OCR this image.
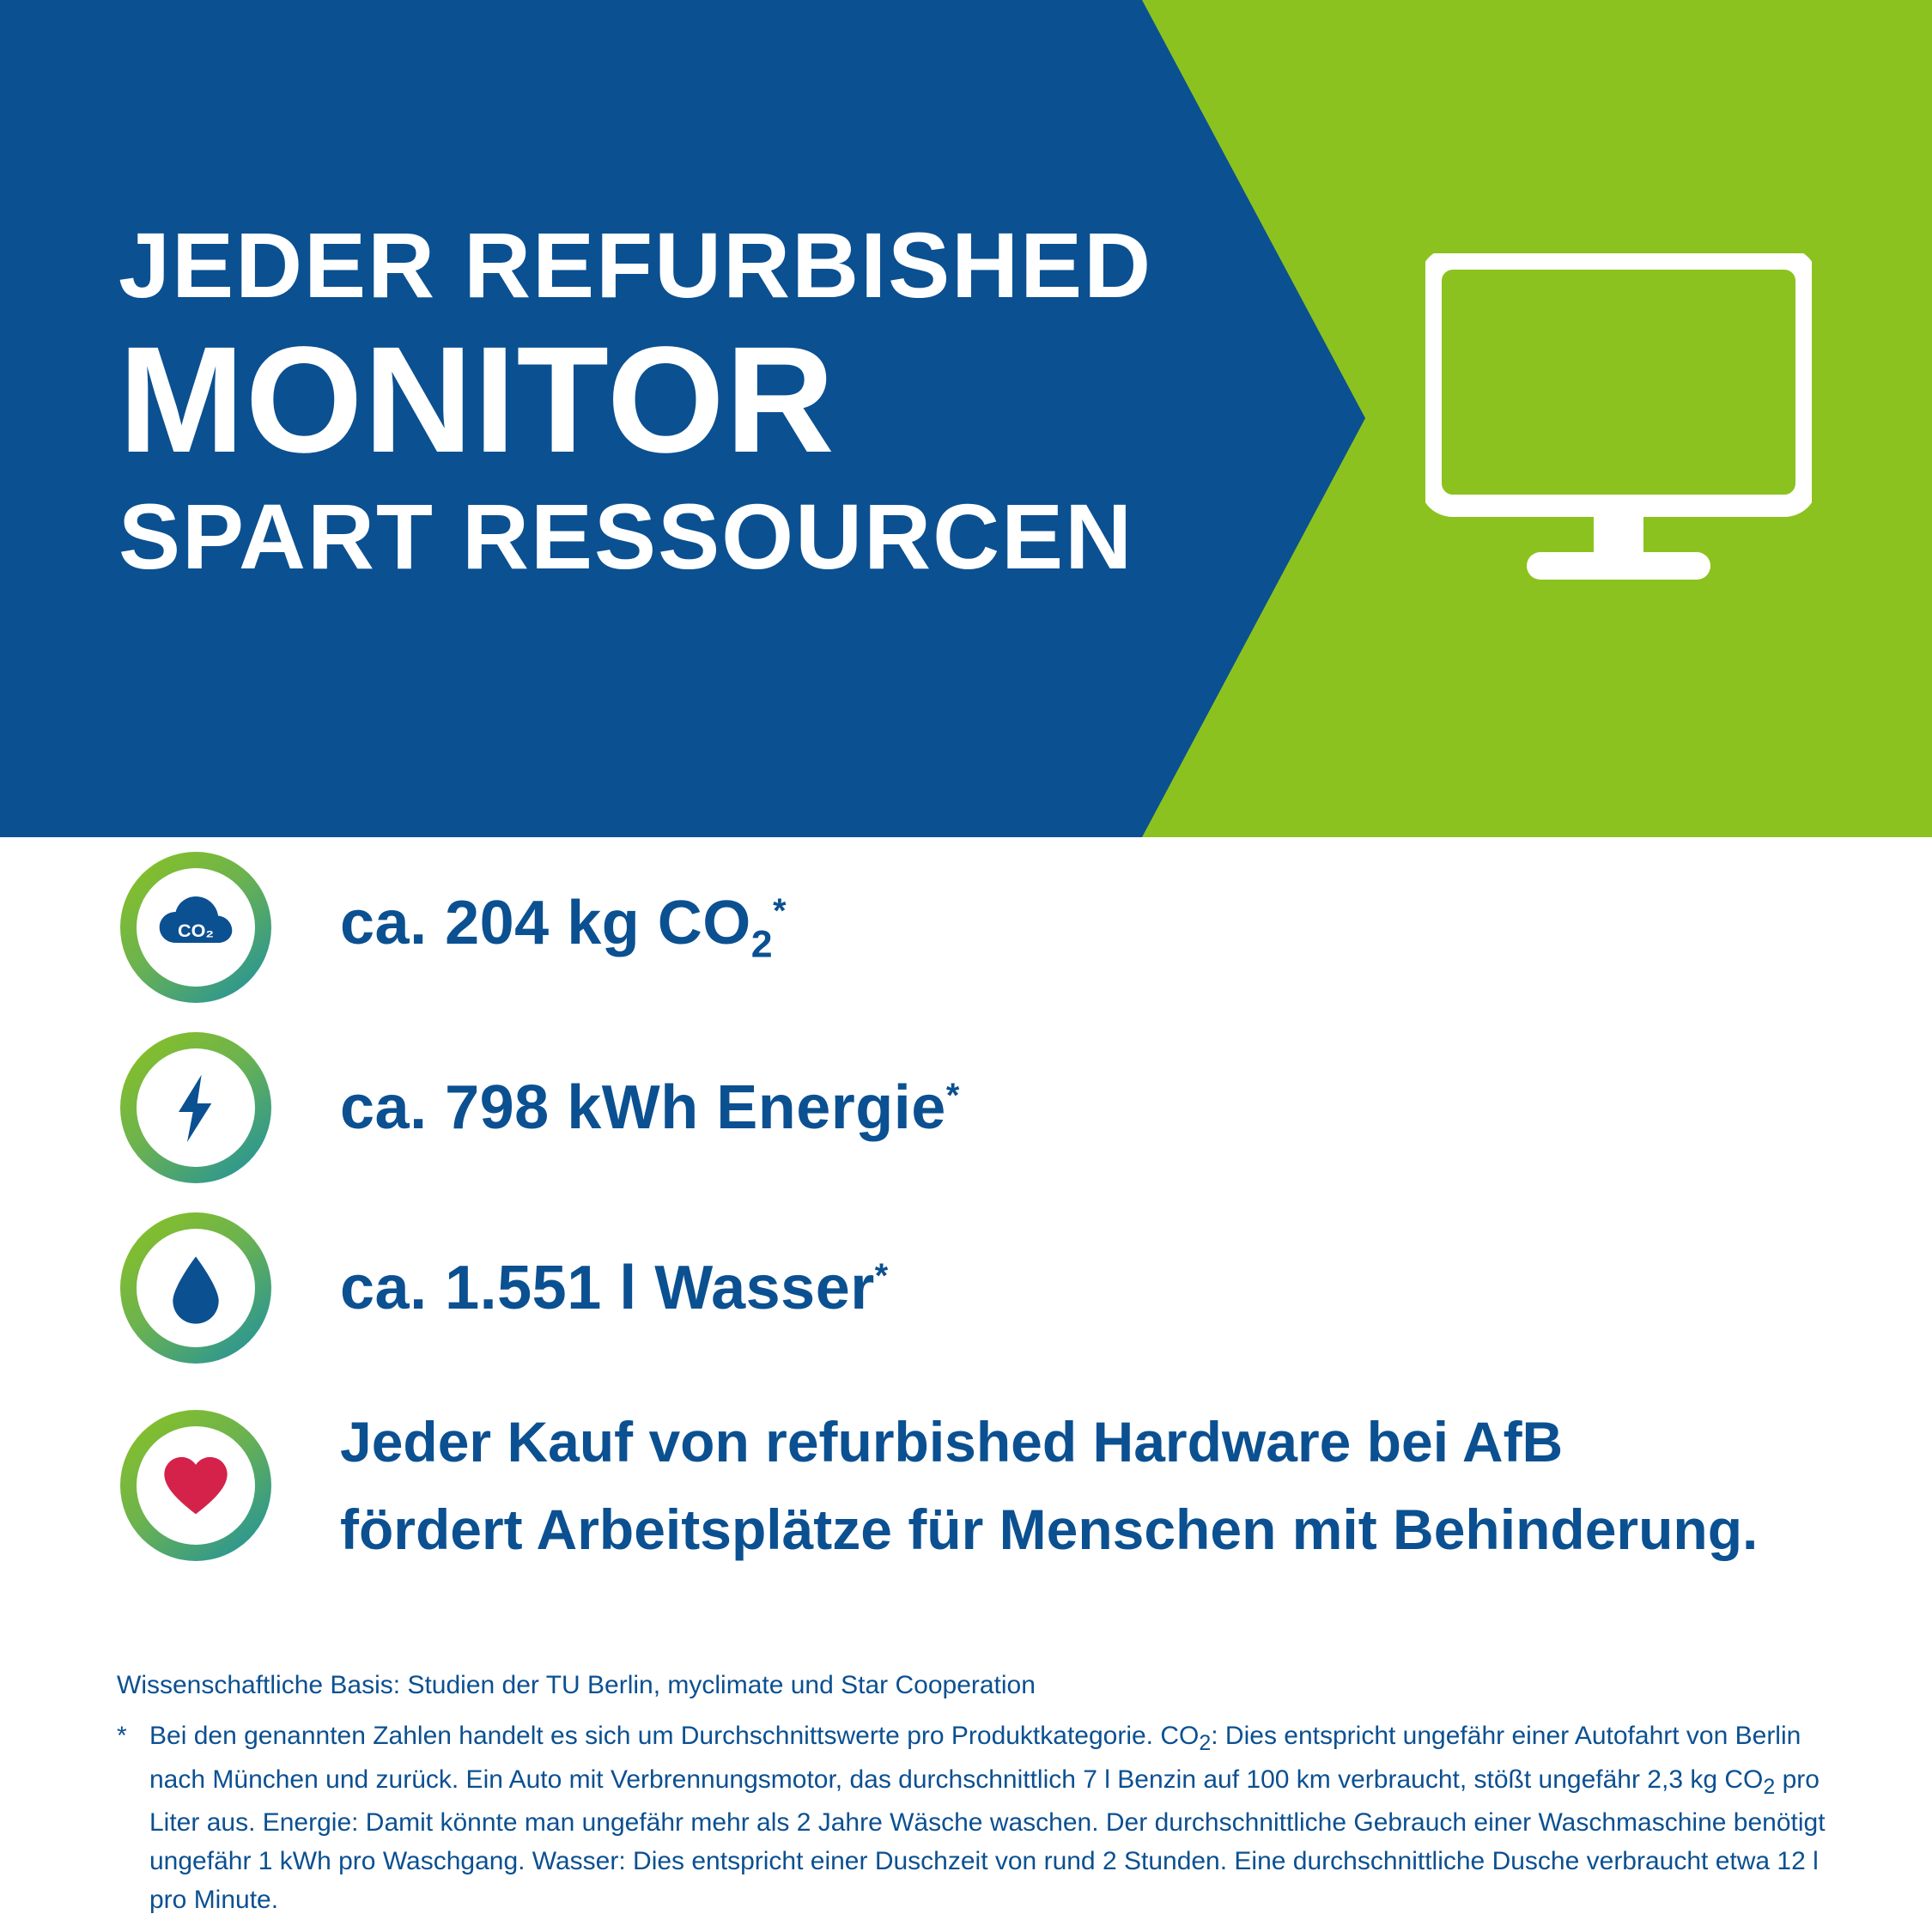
JEDER REFURBISHED
MONITOR
SPART RESSOURCEN
CO₂ ca. 204 kg $CO_2^*$
ca. 798 kWh Energie*
ca. 1.551 l Wasser*
Jeder Kauf von refurbished Hardware bei AfB
fördert Arbeitsplätze für Menschen mit Behinderung.
Wissenschaftliche Basis: Studien der TU Berlin, myclimate und Star Cooperation
* Bei den genannten Zahlen handelt es sich um Durchschnittswerte pro Produktkategorie. $CO_2$: Dies entspricht ungefähr einer Autofahrt von Berlin nach München und zurück. Ein Auto mit Verbrennungsmotor, das durchschnittlich 7 l Benzin auf 100 km verbraucht, stößt ungefähr 2,3 kg $CO_2$ pro Liter aus. Energie: Damit könnte man ungefähr mehr als 2 Jahre Wäsche waschen. Der durchschnittliche Gebrauch einer Waschmaschine benötigt ungefähr 1 kWh pro Waschgang. Wasser: Dies entspricht einer Duschzeit von rund 2 Stunden. Eine durchschnittliche Dusche verbraucht etwa 12 l pro Minute.
